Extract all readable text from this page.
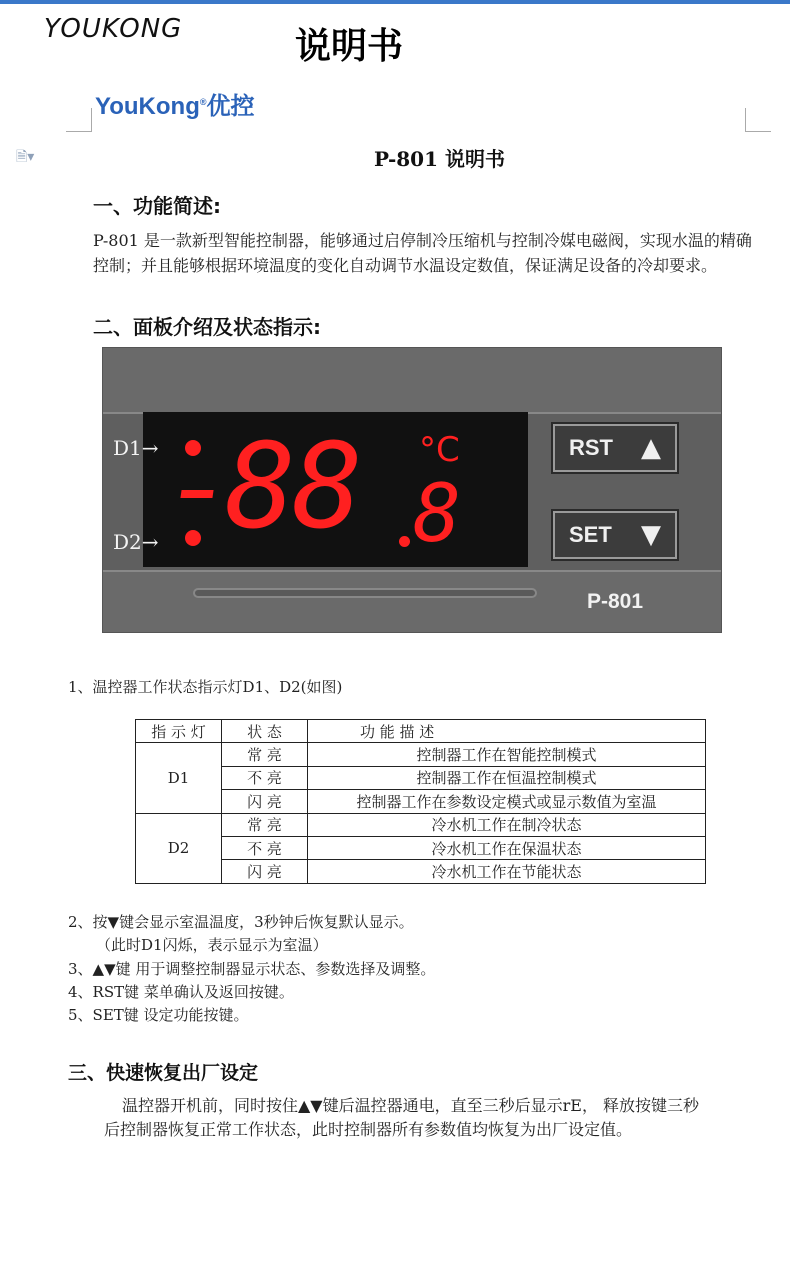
YOUKONG	说明书
YouKong®优控
🗎▾	P-801 说明书
一、功能简述:
P-801 是一款新型智能控制器，能够通过启停制冷压缩机与控制冷媒电磁阀，实现水温的精确控制；并且能够根据环境温度的变化自动调节水温设定数值，保证满足设备的冷却要求。
二、面板介绍及状态指示:
88 8
°C
D1→
D2→
RST ▲
SET ▼
P-801
1、温控器工作状态指示灯D1、D2(如图)
指 示 灯	状 态	功 能 描 述
D1	常 亮	控制器工作在智能控制模式
	不 亮	控制器工作在恒温控制模式
	闪 亮	控制器工作在参数设定模式或显示数值为室温
D2	常 亮	冷水机工作在制冷状态
	不 亮	冷水机工作在保温状态
	闪 亮	冷水机工作在节能状态
2、按▼键会显示室温温度，3秒钟后恢复默认显示。
（此时D1闪烁，表示显示为室温）
3、▲▼键 用于调整控制器显示状态、参数选择及调整。
4、RST键 菜单确认及返回按键。
5、SET键 设定功能按键。
三、快速恢复出厂设定
温控器开机前，同时按住▲▼键后温控器通电，直至三秒后显示rE， 释放按键三秒后控制器恢复正常工作状态，此时控制器所有参数值均恢复为出厂设定值。
